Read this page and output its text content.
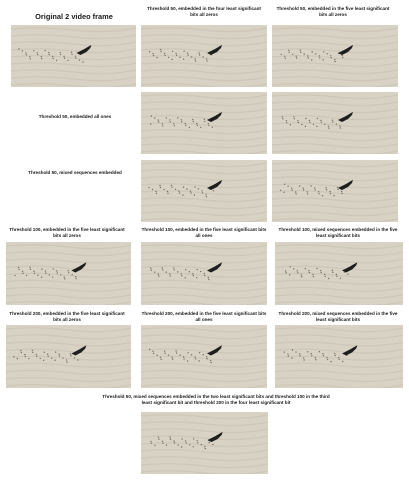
Original 2 video frame
Threshold 50, embedded in the four least significant bits all zeros
Threshold 50, embedded in the five least significant bits all zeros
Threshold 50, embedded all ones
Threshold 50, mixed sequences embedded
Threshold 100, embedded in the five least significant bits all zeros
Threshold 100, embedded in the five least significant bits all ones
Threshold 100, mixed sequences embedded in the five least significant bits
Threshold 200, embedded in the five least significant bits all zeros
Threshold 200, embedded in the five least significant bits all ones
Threshold 200, mixed sequences embedded in the five least significant bits
Threshold 50, mixed sequences embedded in the two least significant bits and threshold 100 in the third least significant bit and threshold 200 in the four least significant bit
